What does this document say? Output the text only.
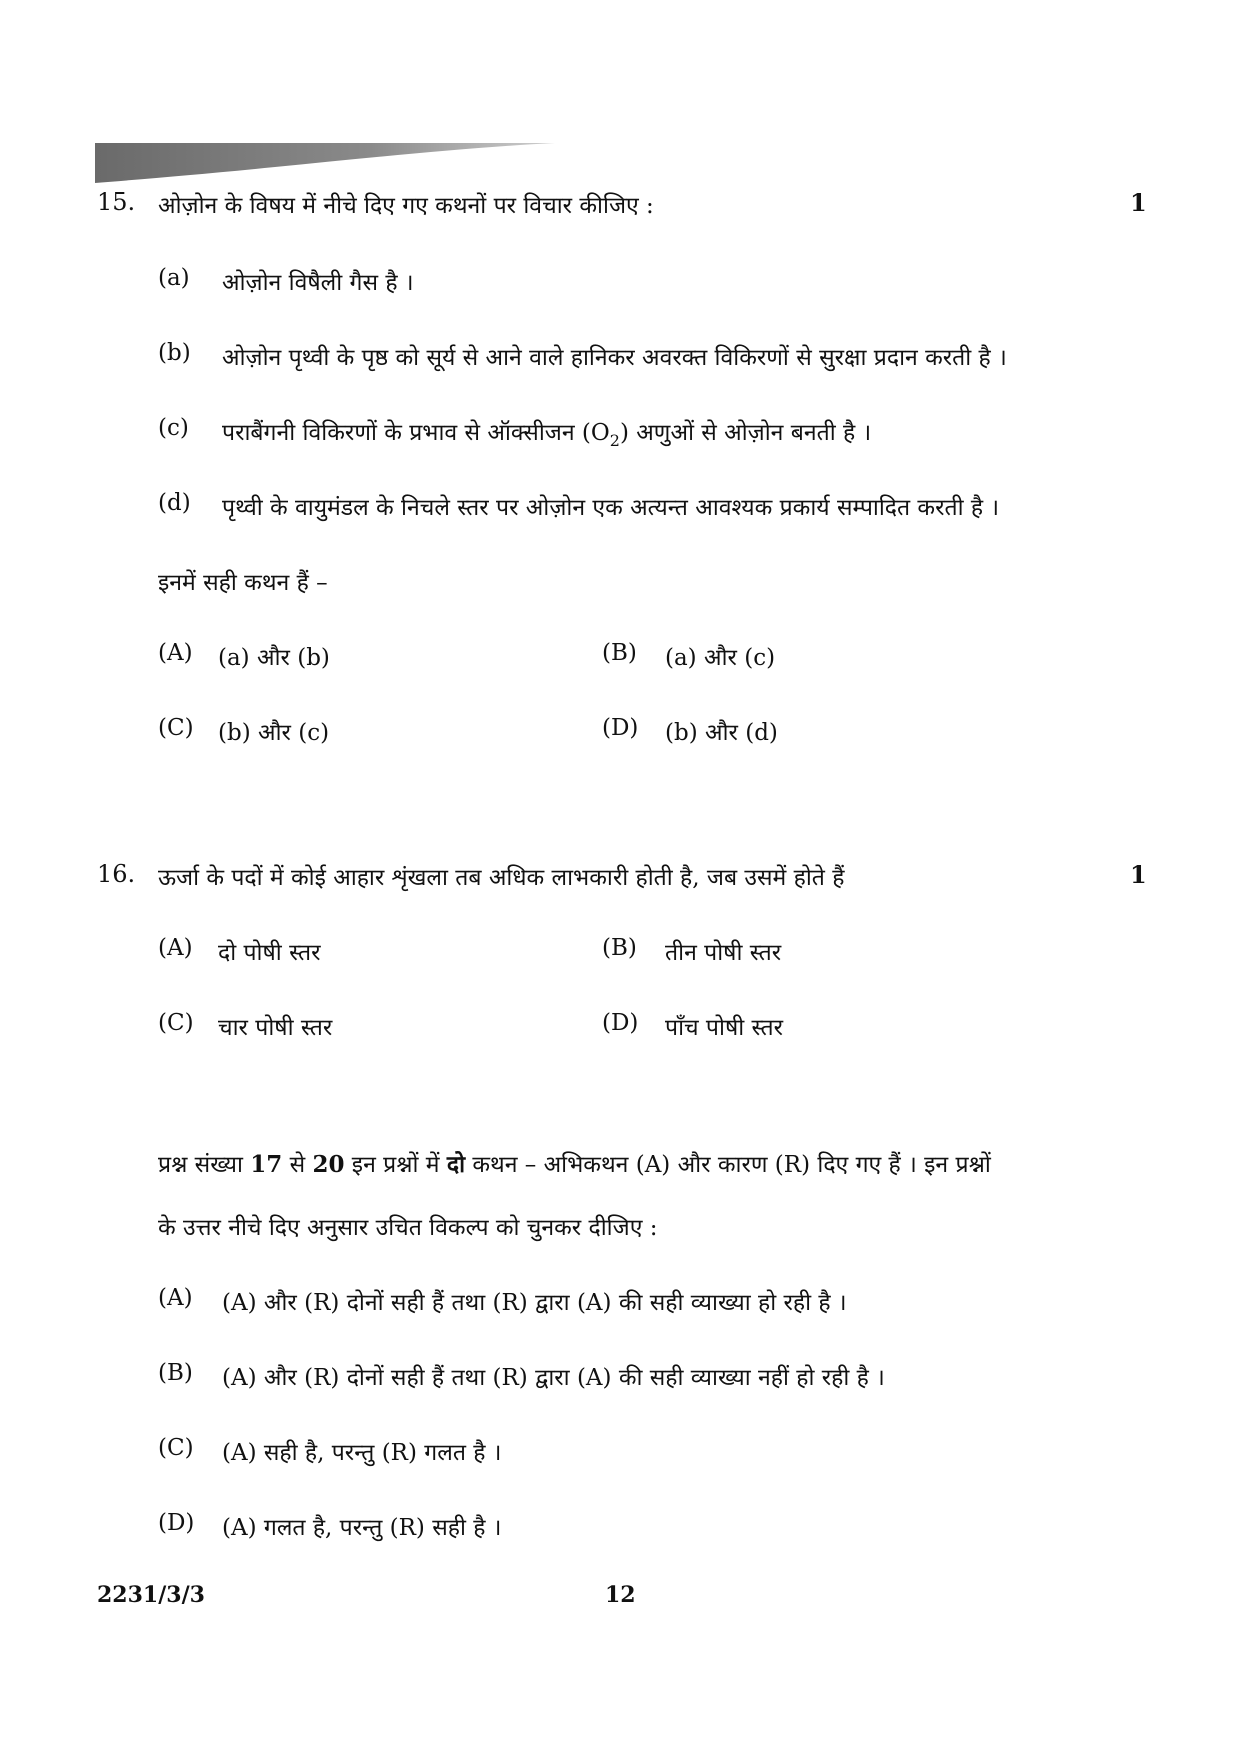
15. ओज़ोन के विषय में नीचे दिए गए कथनों पर विचार कीजिए :	1
(a) ओज़ोन विषैली गैस है ।
(b) ओज़ोन पृथ्वी के पृष्ठ को सूर्य से आने वाले हानिकर अवरक्त विकिरणों से सुरक्षा प्रदान करती है ।
(c) पराबैंगनी विकिरणों के प्रभाव से ऑक्सीजन $(O_2)$ अणुओं से ओज़ोन बनती है ।
(d) पृथ्वी के वायुमंडल के निचले स्तर पर ओज़ोन एक अत्यन्त आवश्यक प्रकार्य सम्पादित करती है ।
इनमें सही कथन हैं –
(A) (a) और (b)	(B) (a) और (c)
(C) (b) और (c)	(D) (b) और (d)
16. ऊर्जा के पदों में कोई आहार शृंखला तब अधिक लाभकारी होती है, जब उसमें होते हैं	1
(A) दो पोषी स्तर	(B) तीन पोषी स्तर
(C) चार पोषी स्तर	(D) पाँच पोषी स्तर
प्रश्न संख्या 17 से 20 इन प्रश्नों में दो कथन – अभिकथन (A) और कारण (R) दिए गए हैं । इन प्रश्नों
के उत्तर नीचे दिए अनुसार उचित विकल्प को चुनकर दीजिए :
(A) (A) और (R) दोनों सही हैं तथा (R) द्वारा (A) की सही व्याख्या हो रही है ।
(B) (A) और (R) दोनों सही हैं तथा (R) द्वारा (A) की सही व्याख्या नहीं हो रही है ।
(C) (A) सही है, परन्तु (R) गलत है ।
(D) (A) गलत है, परन्तु (R) सही है ।
2231/3/3	12
